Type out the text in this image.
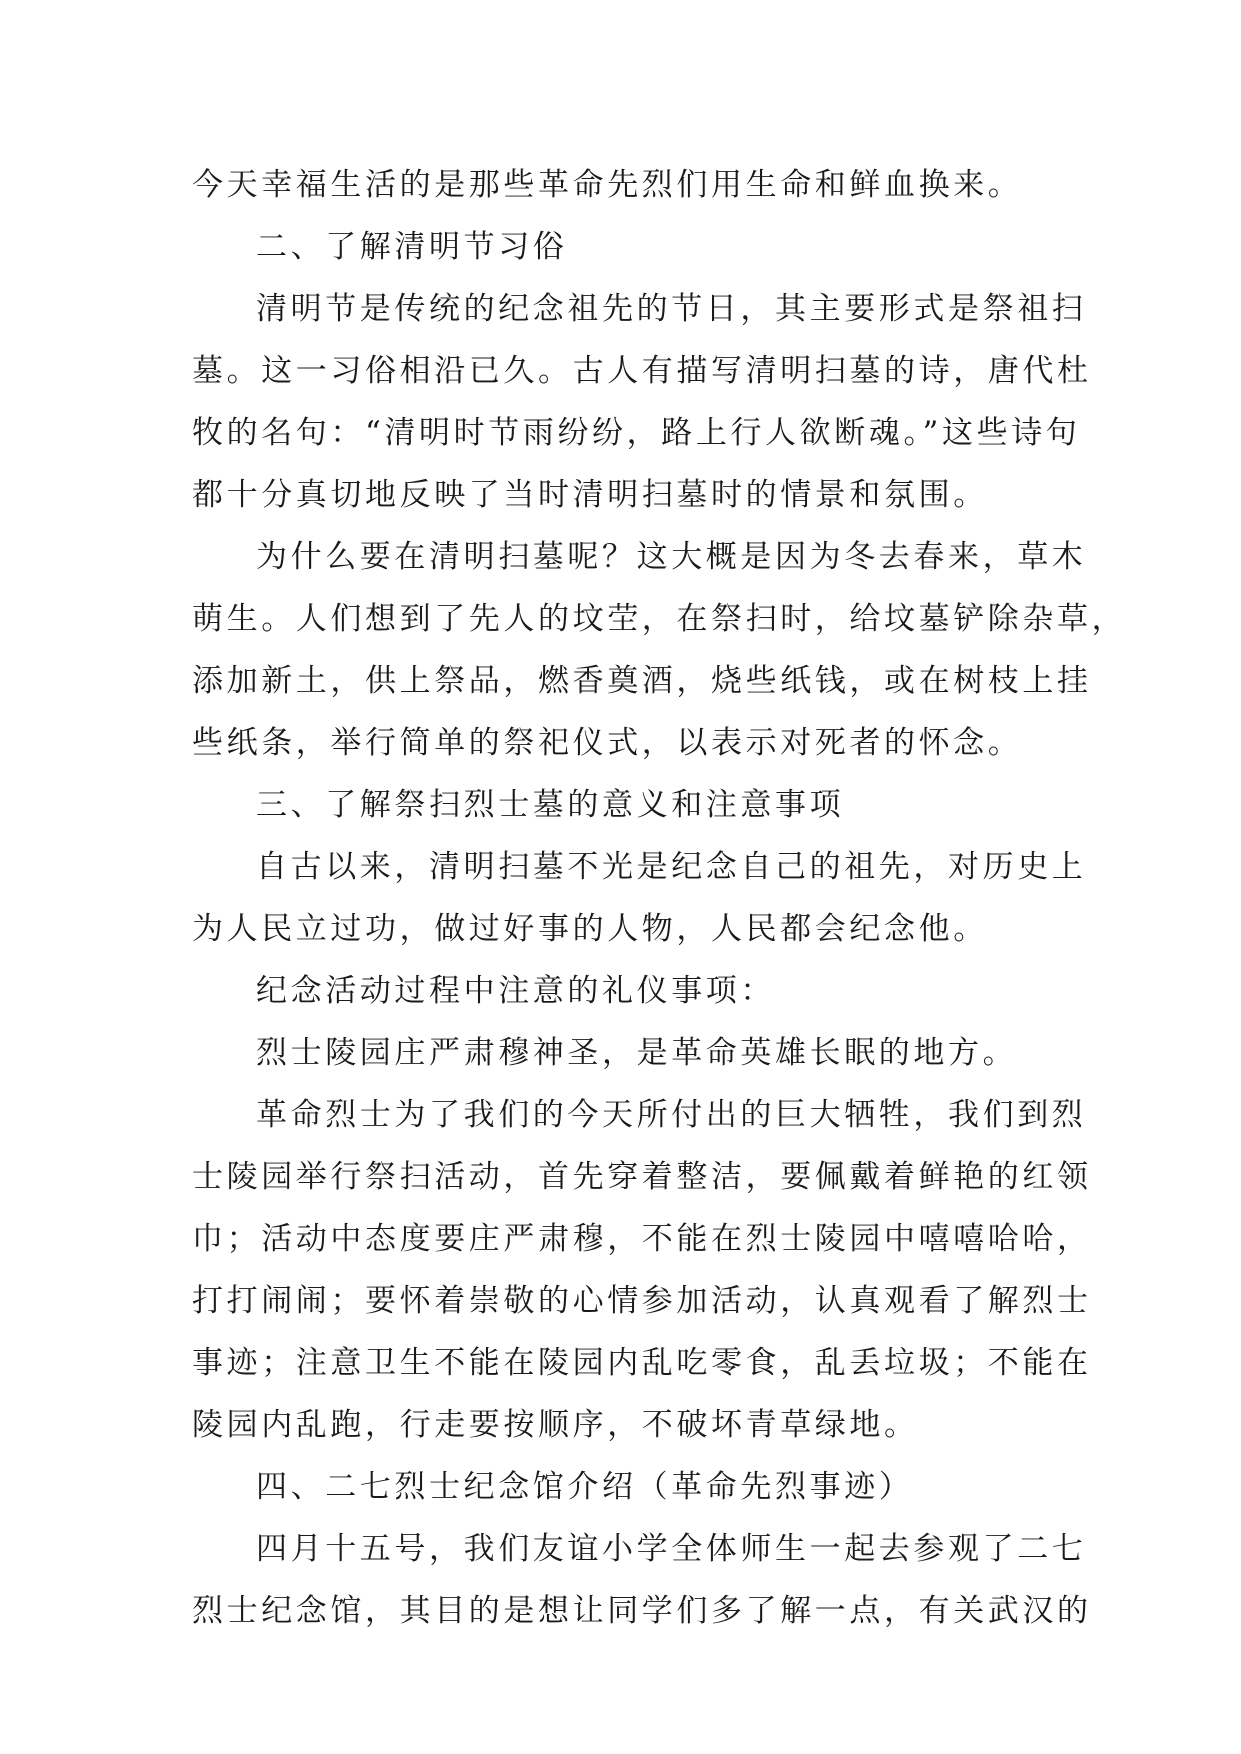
今天幸福生活的是那些革命先烈们用生命和鲜血换来。
二、了解清明节习俗
清明节是传统的纪念祖先的节日，其主要形式是祭祖扫
墓。这一习俗相沿已久。古人有描写清明扫墓的诗，唐代杜
牧的名句：“清明时节雨纷纷，路上行人欲断魂。”这些诗句
都十分真切地反映了当时清明扫墓时的情景和氛围。
为什么要在清明扫墓呢？这大概是因为冬去春来，草木
萌生。人们想到了先人的坟茔，在祭扫时，给坟墓铲除杂草，
添加新土，供上祭品，燃香奠酒，烧些纸钱，或在树枝上挂
些纸条，举行简单的祭祀仪式，以表示对死者的怀念。
三、了解祭扫烈士墓的意义和注意事项
自古以来，清明扫墓不光是纪念自己的祖先，对历史上
为人民立过功，做过好事的人物，人民都会纪念他。
纪念活动过程中注意的礼仪事项：
烈士陵园庄严肃穆神圣，是革命英雄长眠的地方。
革命烈士为了我们的今天所付出的巨大牺牲，我们到烈
士陵园举行祭扫活动，首先穿着整洁，要佩戴着鲜艳的红领
巾；活动中态度要庄严肃穆，不能在烈士陵园中嘻嘻哈哈，
打打闹闹；要怀着崇敬的心情参加活动，认真观看了解烈士
事迹；注意卫生不能在陵园内乱吃零食，乱丢垃圾；不能在
陵园内乱跑，行走要按顺序，不破坏青草绿地。
四、二七烈士纪念馆介绍（革命先烈事迹）
四月十五号，我们友谊小学全体师生一起去参观了二七
烈士纪念馆，其目的是想让同学们多了解一点，有关武汉的
